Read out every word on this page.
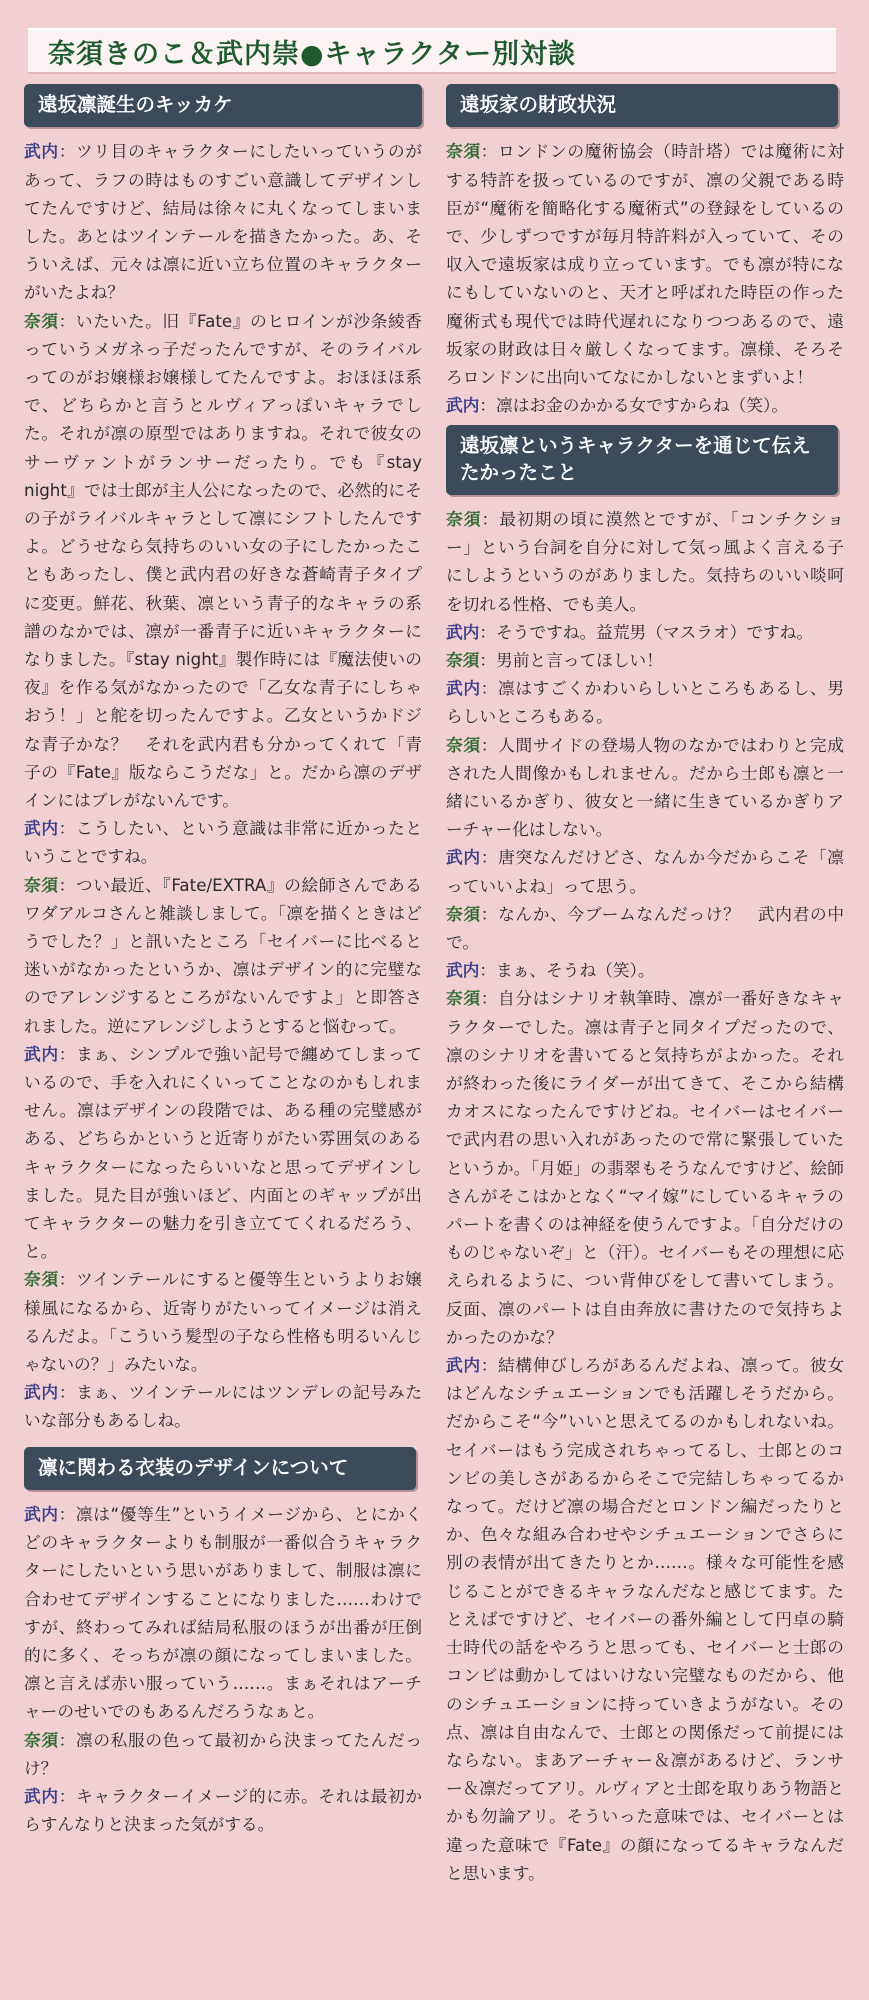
奈須きのこ＆武内崇●キャラクター別対談
遠坂凛誕生のキッカケ

武内：ツリ目のキャラクターにしたいっていうのがあって、ラフの時はものすごい意識してデザインしてたんですけど、結局は徐々に丸くなってしまいました。あとはツインテールを描きたかった。あ、そういえば、元々は凛に近い立ち位置のキャラクターがいたよね？

奈須：いたいた。旧『Fate』のヒロインが沙条綾香っていうメガネっ子だったんですが、そのライバルってのがお嬢様お嬢様してたんですよ。おほほほ系で、どちらかと言うとルヴィアっぽいキャラでした。それが凛の原型ではありますね。それで彼女のサーヴァントがランサーだったり。でも『stay night』では士郎が主人公になったので、必然的にその子がライバルキャラとして凛にシフトしたんですよ。どうせなら気持ちのいい女の子にしたかったこともあったし、僕と武内君の好きな蒼崎青子タイプに変更。鮮花、秋葉、凛という青子的なキャラの系譜のなかでは、凛が一番青子に近いキャラクターになりました。『stay night』製作時には『魔法使いの夜』を作る気がなかったので「乙女な青子にしちゃおう！」と舵を切ったんですよ。乙女というかドジな青子かな？　それを武内君も分かってくれて「青子の『Fate』版ならこうだな」と。だから凛のデザインにはブレがないんです。

武内：こうしたい、という意識は非常に近かったということですね。

奈須：つい最近、『Fate/EXTRA』の絵師さんであるワダアルコさんと雑談しまして。「凛を描くときはどうでした？」と訊いたところ「セイバーに比べると迷いがなかったというか、凛はデザイン的に完璧なのでアレンジするところがないんですよ」と即答されました。逆にアレンジしようとすると悩むって。

武内：まぁ、シンプルで強い記号で纏めてしまっているので、手を入れにくいってことなのかもしれません。凛はデザインの段階では、ある種の完璧感がある、どちらかというと近寄りがたい雰囲気のあるキャラクターになったらいいなと思ってデザインしました。見た目が強いほど、内面とのギャップが出てキャラクターの魅力を引き立ててくれるだろう、と。

奈須：ツインテールにすると優等生というよりお嬢様風になるから、近寄りがたいってイメージは消えるんだよ。「こういう髪型の子なら性格も明るいんじゃないの？」みたいな。

武内：まぁ、ツインテールにはツンデレの記号みたいな部分もあるしね。

凛に関わる衣装のデザインについて

武内：凛は“優等生”というイメージから、とにかくどのキャラクターよりも制服が一番似合うキャラクターにしたいという思いがありまして、制服は凛に合わせてデザインすることになりました……わけですが、終わってみれば結局私服のほうが出番が圧倒的に多く、そっちが凛の顔になってしまいました。凛と言えば赤い服っていう……。まぁそれはアーチャーのせいでのもあるんだろうなぁと。

奈須：凛の私服の色って最初から決まってたんだっけ？

武内：キャラクターイメージ的に赤。それは最初からすんなりと決まった気がする。

遠坂家の財政状況

奈須：ロンドンの魔術協会（時計塔）では魔術に対する特許を扱っているのですが、凛の父親である時臣が“魔術を簡略化する魔術式”の登録をしているので、少しずつですが毎月特許料が入っていて、その収入で遠坂家は成り立っています。でも凛が特になにもしていないのと、天才と呼ばれた時臣の作った魔術式も現代では時代遅れになりつつあるので、遠坂家の財政は日々厳しくなってます。凛様、そろそろロンドンに出向いてなにかしないとまずいよ！

武内：凛はお金のかかる女ですからね（笑）。

遠坂凛というキャラクターを通じて伝えたかったこと

奈須：最初期の頃に漠然とですが、「コンチクショー」という台詞を自分に対して気っ風よく言える子にしようというのがありました。気持ちのいい啖呵を切れる性格、でも美人。

武内：そうですね。益荒男（マスラオ）ですね。

奈須：男前と言ってほしい！

武内：凛はすごくかわいらしいところもあるし、男らしいところもある。

奈須：人間サイドの登場人物のなかではわりと完成された人間像かもしれません。だから士郎も凛と一緒にいるかぎり、彼女と一緒に生きているかぎりアーチャー化はしない。

武内：唐突なんだけどさ、なんか今だからこそ「凛っていいよね」って思う。

奈須：なんか、今ブームなんだっけ？　武内君の中で。

武内：まぁ、そうね（笑）。

奈須：自分はシナリオ執筆時、凛が一番好きなキャラクターでした。凛は青子と同タイプだったので、凛のシナリオを書いてると気持ちがよかった。それが終わった後にライダーが出てきて、そこから結構カオスになったんですけどね。セイバーはセイバーで武内君の思い入れがあったので常に緊張していたというか。「月姫」の翡翠もそうなんですけど、絵師さんがそこはかとなく“マイ嫁”にしているキャラのパートを書くのは神経を使うんですよ。「自分だけのものじゃないぞ」と（汗）。セイバーもその理想に応えられるように、つい背伸びをして書いてしまう。反面、凛のパートは自由奔放に書けたので気持ちよかったのかな？

武内：結構伸びしろがあるんだよね、凛って。彼女はどんなシチュエーションでも活躍しそうだから。だからこそ“今”いいと思えてるのかもしれないね。セイバーはもう完成されちゃってるし、士郎とのコンビの美しさがあるからそこで完結しちゃってるかなって。だけど凛の場合だとロンドン編だったりとか、色々な組み合わせやシチュエーションでさらに別の表情が出てきたりとか……。様々な可能性を感じることができるキャラなんだなと感じてます。たとえばですけど、セイバーの番外編として円卓の騎士時代の話をやろうと思っても、セイバーと士郎のコンビは動かしてはいけない完璧なものだから、他のシチュエーションに持っていきようがない。その点、凛は自由なんで、士郎との関係だって前提にはならない。まあアーチャー＆凛があるけど、ランサー＆凛だってアリ。ルヴィアと士郎を取りあう物語とかも勿論アリ。そういった意味では、セイバーとは違った意味で『Fate』の顔になってるキャラなんだと思います。
